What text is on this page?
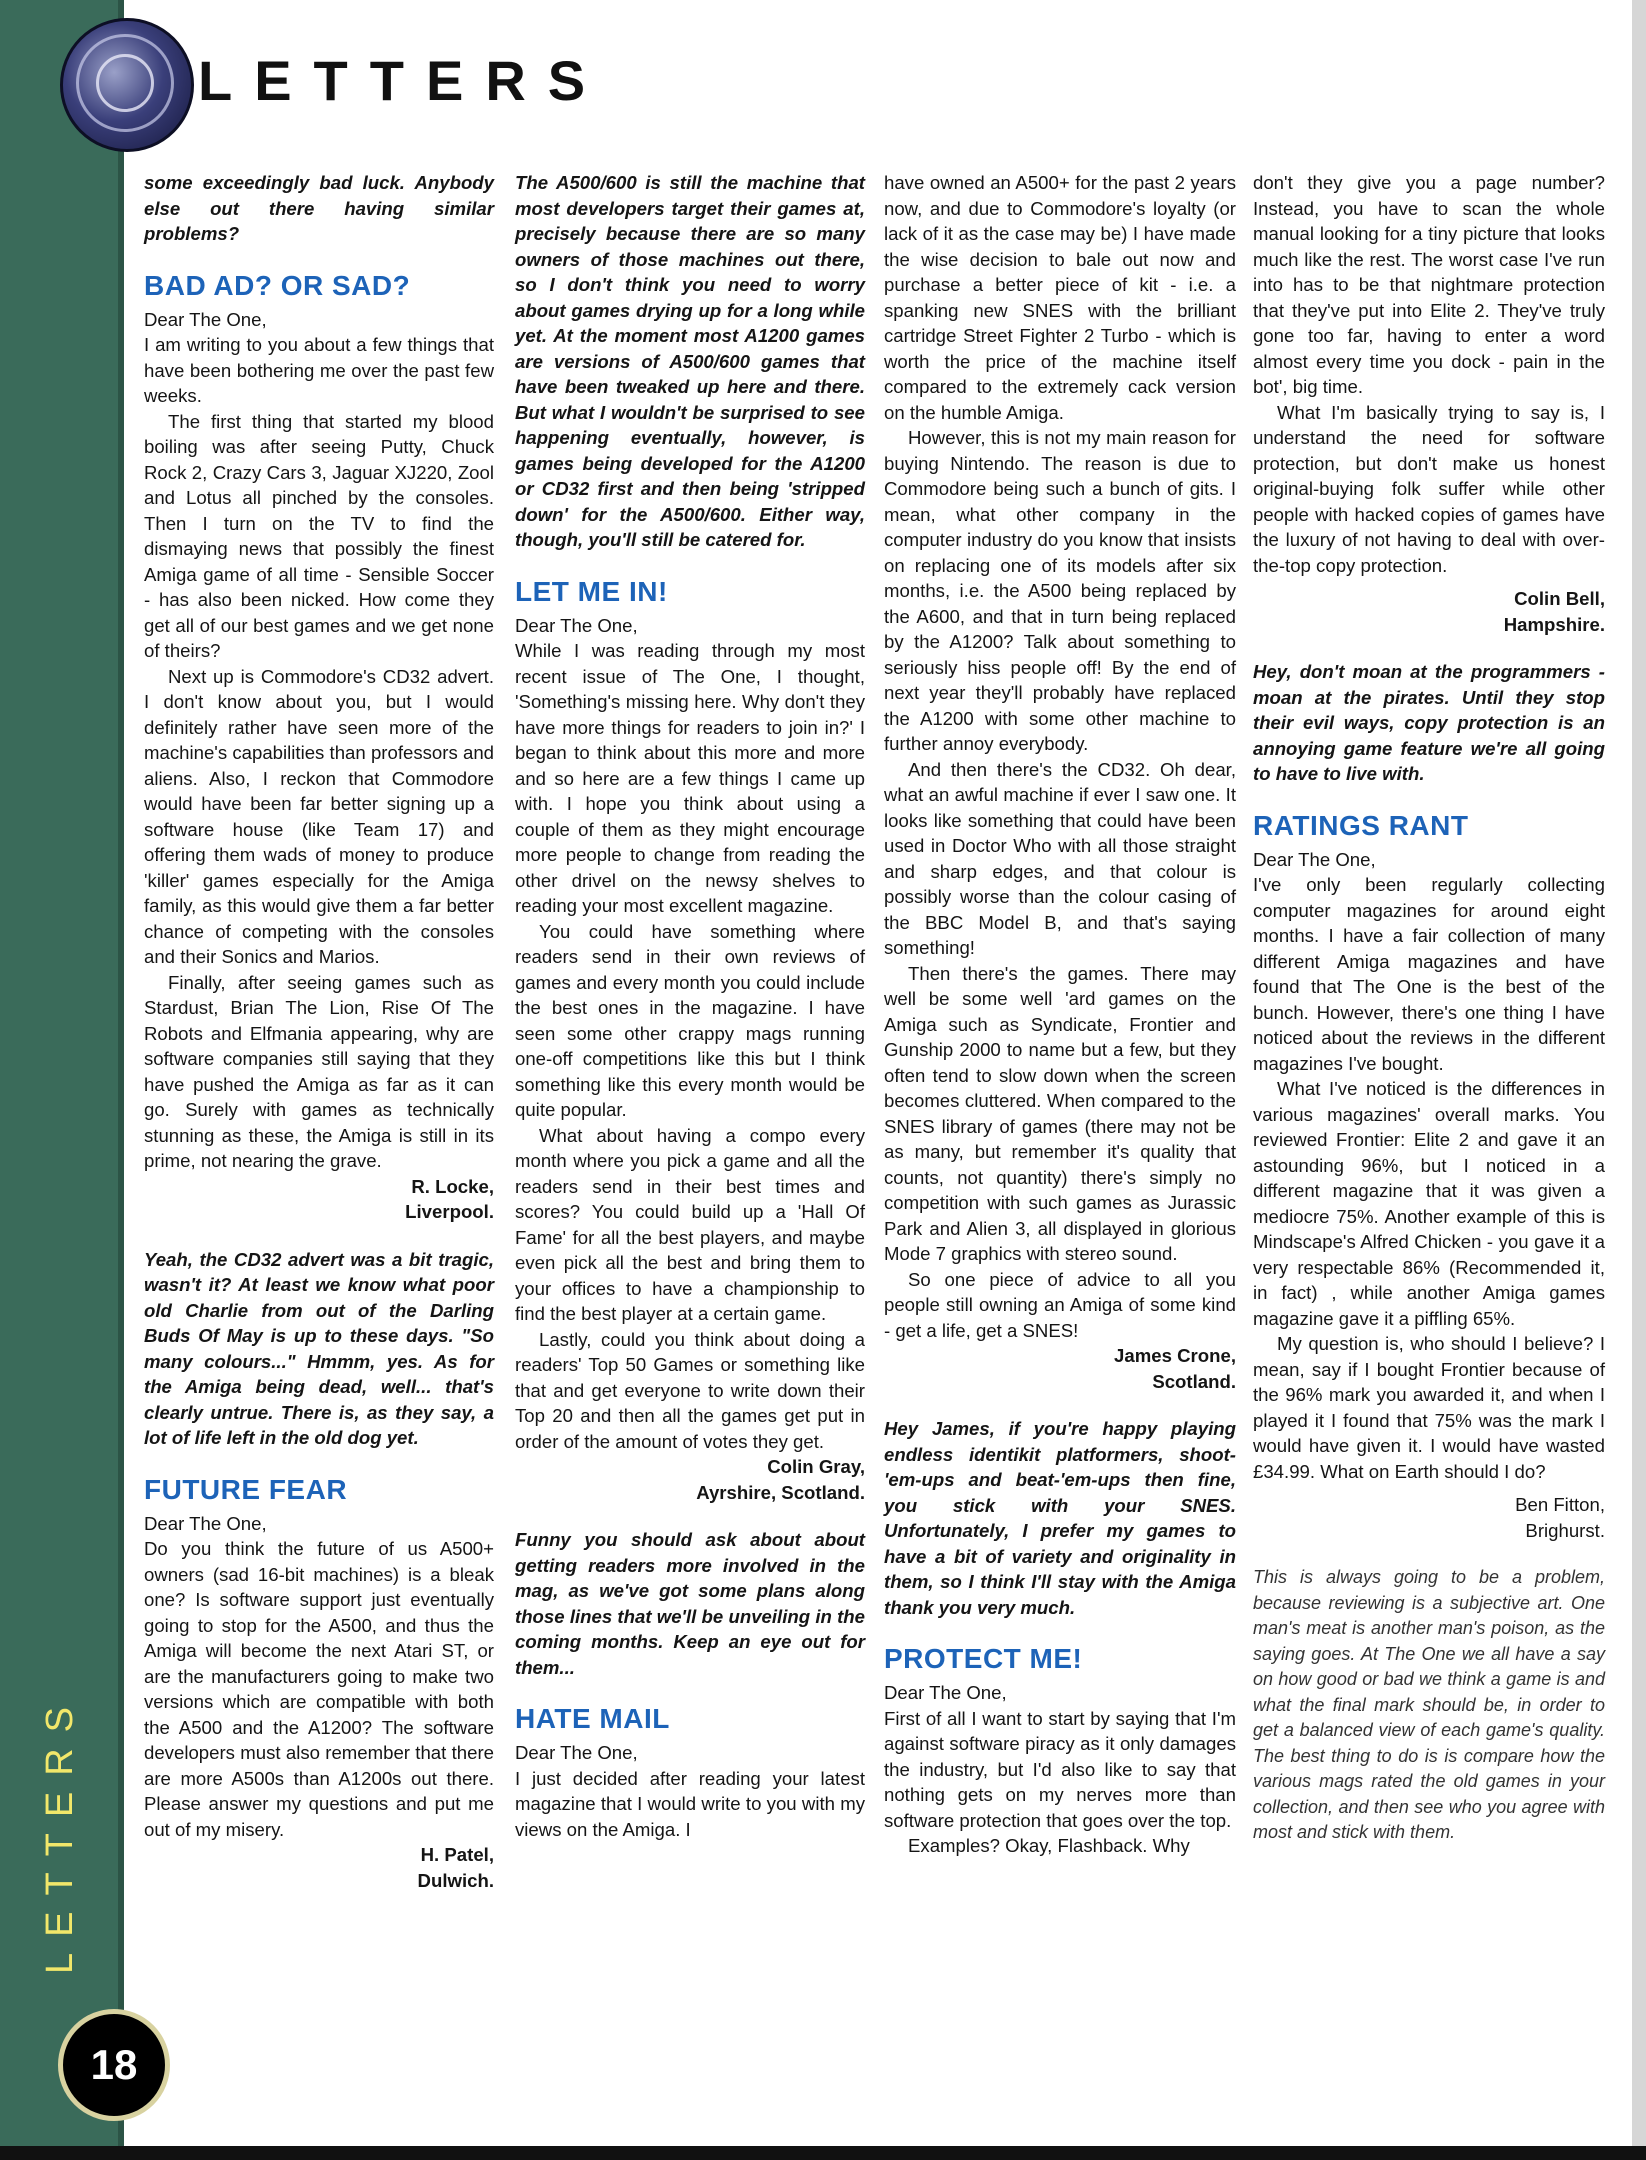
LETTERS
LETTERS
18

some exceedingly bad luck. Anybody else out there having similar problems?

BAD AD? OR SAD?

Dear The One,

I am writing to you about a few things that have been bothering me over the past few weeks.

The first thing that started my blood boiling was after seeing Putty, Chuck Rock 2, Crazy Cars 3, Jaguar XJ220, Zool and Lotus all pinched by the consoles. Then I turn on the TV to find the dismaying news that possibly the finest Amiga game of all time - Sensible Soccer - has also been nicked. How come they get all of our best games and we get none of theirs?

Next up is Commodore's CD32 advert. I don't know about you, but I would definitely rather have seen more of the machine's capabilities than professors and aliens. Also, I reckon that Commodore would have been far better signing up a software house (like Team 17) and offering them wads of money to produce 'killer' games especially for the Amiga family, as this would give them a far better chance of competing with the consoles and their Sonics and Marios.

Finally, after seeing games such as Stardust, Brian The Lion, Rise Of The Robots and Elfmania appearing, why are software companies still saying that they have pushed the Amiga as far as it can go. Surely with games as technically stunning as these, the Amiga is still in its prime, not nearing the grave.

R. Locke,

Liverpool.

Yeah, the CD32 advert was a bit tragic, wasn't it? At least we know what poor old Charlie from out of the Darling Buds Of May is up to these days. "So many colours..." Hmmm, yes. As for the Amiga being dead, well... that's clearly untrue. There is, as they say, a lot of life left in the old dog yet.

FUTURE FEAR

Dear The One,

Do you think the future of us A500+ owners (sad 16-bit machines) is a bleak one? Is software support just eventually going to stop for the A500, and thus the Amiga will become the next Atari ST, or are the manufacturers going to make two versions which are compatible with both the A500 and the A1200? The software developers must also remember that there are more A500s than A1200s out there. Please answer my questions and put me out of my misery.

H. Patel,

Dulwich.

The A500/600 is still the machine that most developers target their games at, precisely because there are so many owners of those machines out there, so I don't think you need to worry about games drying up for a long while yet. At the moment most A1200 games are versions of A500/600 games that have been tweaked up here and there. But what I wouldn't be surprised to see happening eventually, however, is games being developed for the A1200 or CD32 first and then being 'stripped down' for the A500/600. Either way, though, you'll still be catered for.

LET ME IN!

Dear The One,

While I was reading through my most recent issue of The One, I thought, 'Something's missing here. Why don't they have more things for readers to join in?' I began to think about this more and more and so here are a few things I came up with. I hope you think about using a couple of them as they might encourage more people to change from reading the other drivel on the newsy shelves to reading your most excellent magazine.

You could have something where readers send in their own reviews of games and every month you could include the best ones in the magazine. I have seen some other crappy mags running one-off competitions like this but I think something like this every month would be quite popular.

What about having a compo every month where you pick a game and all the readers send in their best times and scores? You could build up a 'Hall Of Fame' for all the best players, and maybe even pick all the best and bring them to your offices to have a championship to find the best player at a certain game.

Lastly, could you think about doing a readers' Top 50 Games or something like that and get everyone to write down their Top 20 and then all the games get put in order of the amount of votes they get.

Colin Gray,

Ayrshire, Scotland.

Funny you should ask about about getting readers more involved in the mag, as we've got some plans along those lines that we'll be unveiling in the coming months. Keep an eye out for them...

HATE MAIL

Dear The One,

I just decided after reading your latest magazine that I would write to you with my views on the Amiga. I

have owned an A500+ for the past 2 years now, and due to Commodore's loyalty (or lack of it as the case may be) I have made the wise decision to bale out now and purchase a better piece of kit - i.e. a spanking new SNES with the brilliant cartridge Street Fighter 2 Turbo - which is worth the price of the machine itself compared to the extremely cack version on the humble Amiga.

However, this is not my main reason for buying Nintendo. The reason is due to Commodore being such a bunch of gits. I mean, what other company in the computer industry do you know that insists on replacing one of its models after six months, i.e. the A500 being replaced by the A600, and that in turn being replaced by the A1200? Talk about something to seriously hiss people off! By the end of next year they'll probably have replaced the A1200 with some other machine to further annoy everybody.

And then there's the CD32. Oh dear, what an awful machine if ever I saw one. It looks like something that could have been used in Doctor Who with all those straight and sharp edges, and that colour is possibly worse than the colour casing of the BBC Model B, and that's saying something!

Then there's the games. There may well be some well 'ard games on the Amiga such as Syndicate, Frontier and Gunship 2000 to name but a few, but they often tend to slow down when the screen becomes cluttered. When compared to the SNES library of games (there may not be as many, but remember it's quality that counts, not quantity) there's simply no competition with such games as Jurassic Park and Alien 3, all displayed in glorious Mode 7 graphics with stereo sound.

So one piece of advice to all you people still owning an Amiga of some kind - get a life, get a SNES!

James Crone,

Scotland.

Hey James, if you're happy playing endless identikit platformers, shoot-'em-ups and beat-'em-ups then fine, you stick with your SNES. Unfortunately, I prefer my games to have a bit of variety and originality in them, so I think I'll stay with the Amiga thank you very much.

PROTECT ME!

Dear The One,

First of all I want to start by saying that I'm against software piracy as it only damages the industry, but I'd also like to say that nothing gets on my nerves more than software protection that goes over the top.

Examples? Okay, Flashback. Why

don't they give you a page number? Instead, you have to scan the whole manual looking for a tiny picture that looks much like the rest. The worst case I've run into has to be that nightmare protection that they've put into Elite 2. They've truly gone too far, having to enter a word almost every time you dock - pain in the bot', big time.

What I'm basically trying to say is, I understand the need for software protection, but don't make us honest original-buying folk suffer while other people with hacked copies of games have the luxury of not having to deal with over-the-top copy protection.

Colin Bell,

Hampshire.

Hey, don't moan at the programmers - moan at the pirates. Until they stop their evil ways, copy protection is an annoying game feature we're all going to have to live with.

RATINGS RANT

Dear The One,

I've only been regularly collecting computer magazines for around eight months. I have a fair collection of many different Amiga magazines and have found that The One is the best of the bunch. However, there's one thing I have noticed about the reviews in the different magazines I've bought.

What I've noticed is the differences in various magazines' overall marks. You reviewed Frontier: Elite 2 and gave it an astounding 96%, but I noticed in a different magazine that it was given a mediocre 75%. Another example of this is Mindscape's Alfred Chicken - you gave it a very respectable 86% (Recommended it, in fact) , while another Amiga games magazine gave it a piffling 65%.

My question is, who should I believe? I mean, say if I bought Frontier because of the 96% mark you awarded it, and when I played it I found that 75% was the mark I would have given it. I would have wasted £34.99. What on Earth should I do?

Ben Fitton,

Brighurst.

This is always going to be a problem, because reviewing is a subjective art. One man's meat is another man's poison, as the saying goes. At The One we all have a say on how good or bad we think a game is and what the final mark should be, in order to get a balanced view of each game's quality. The best thing to do is is compare how the various mags rated the old games in your collection, and then see who you agree with most and stick with them.
